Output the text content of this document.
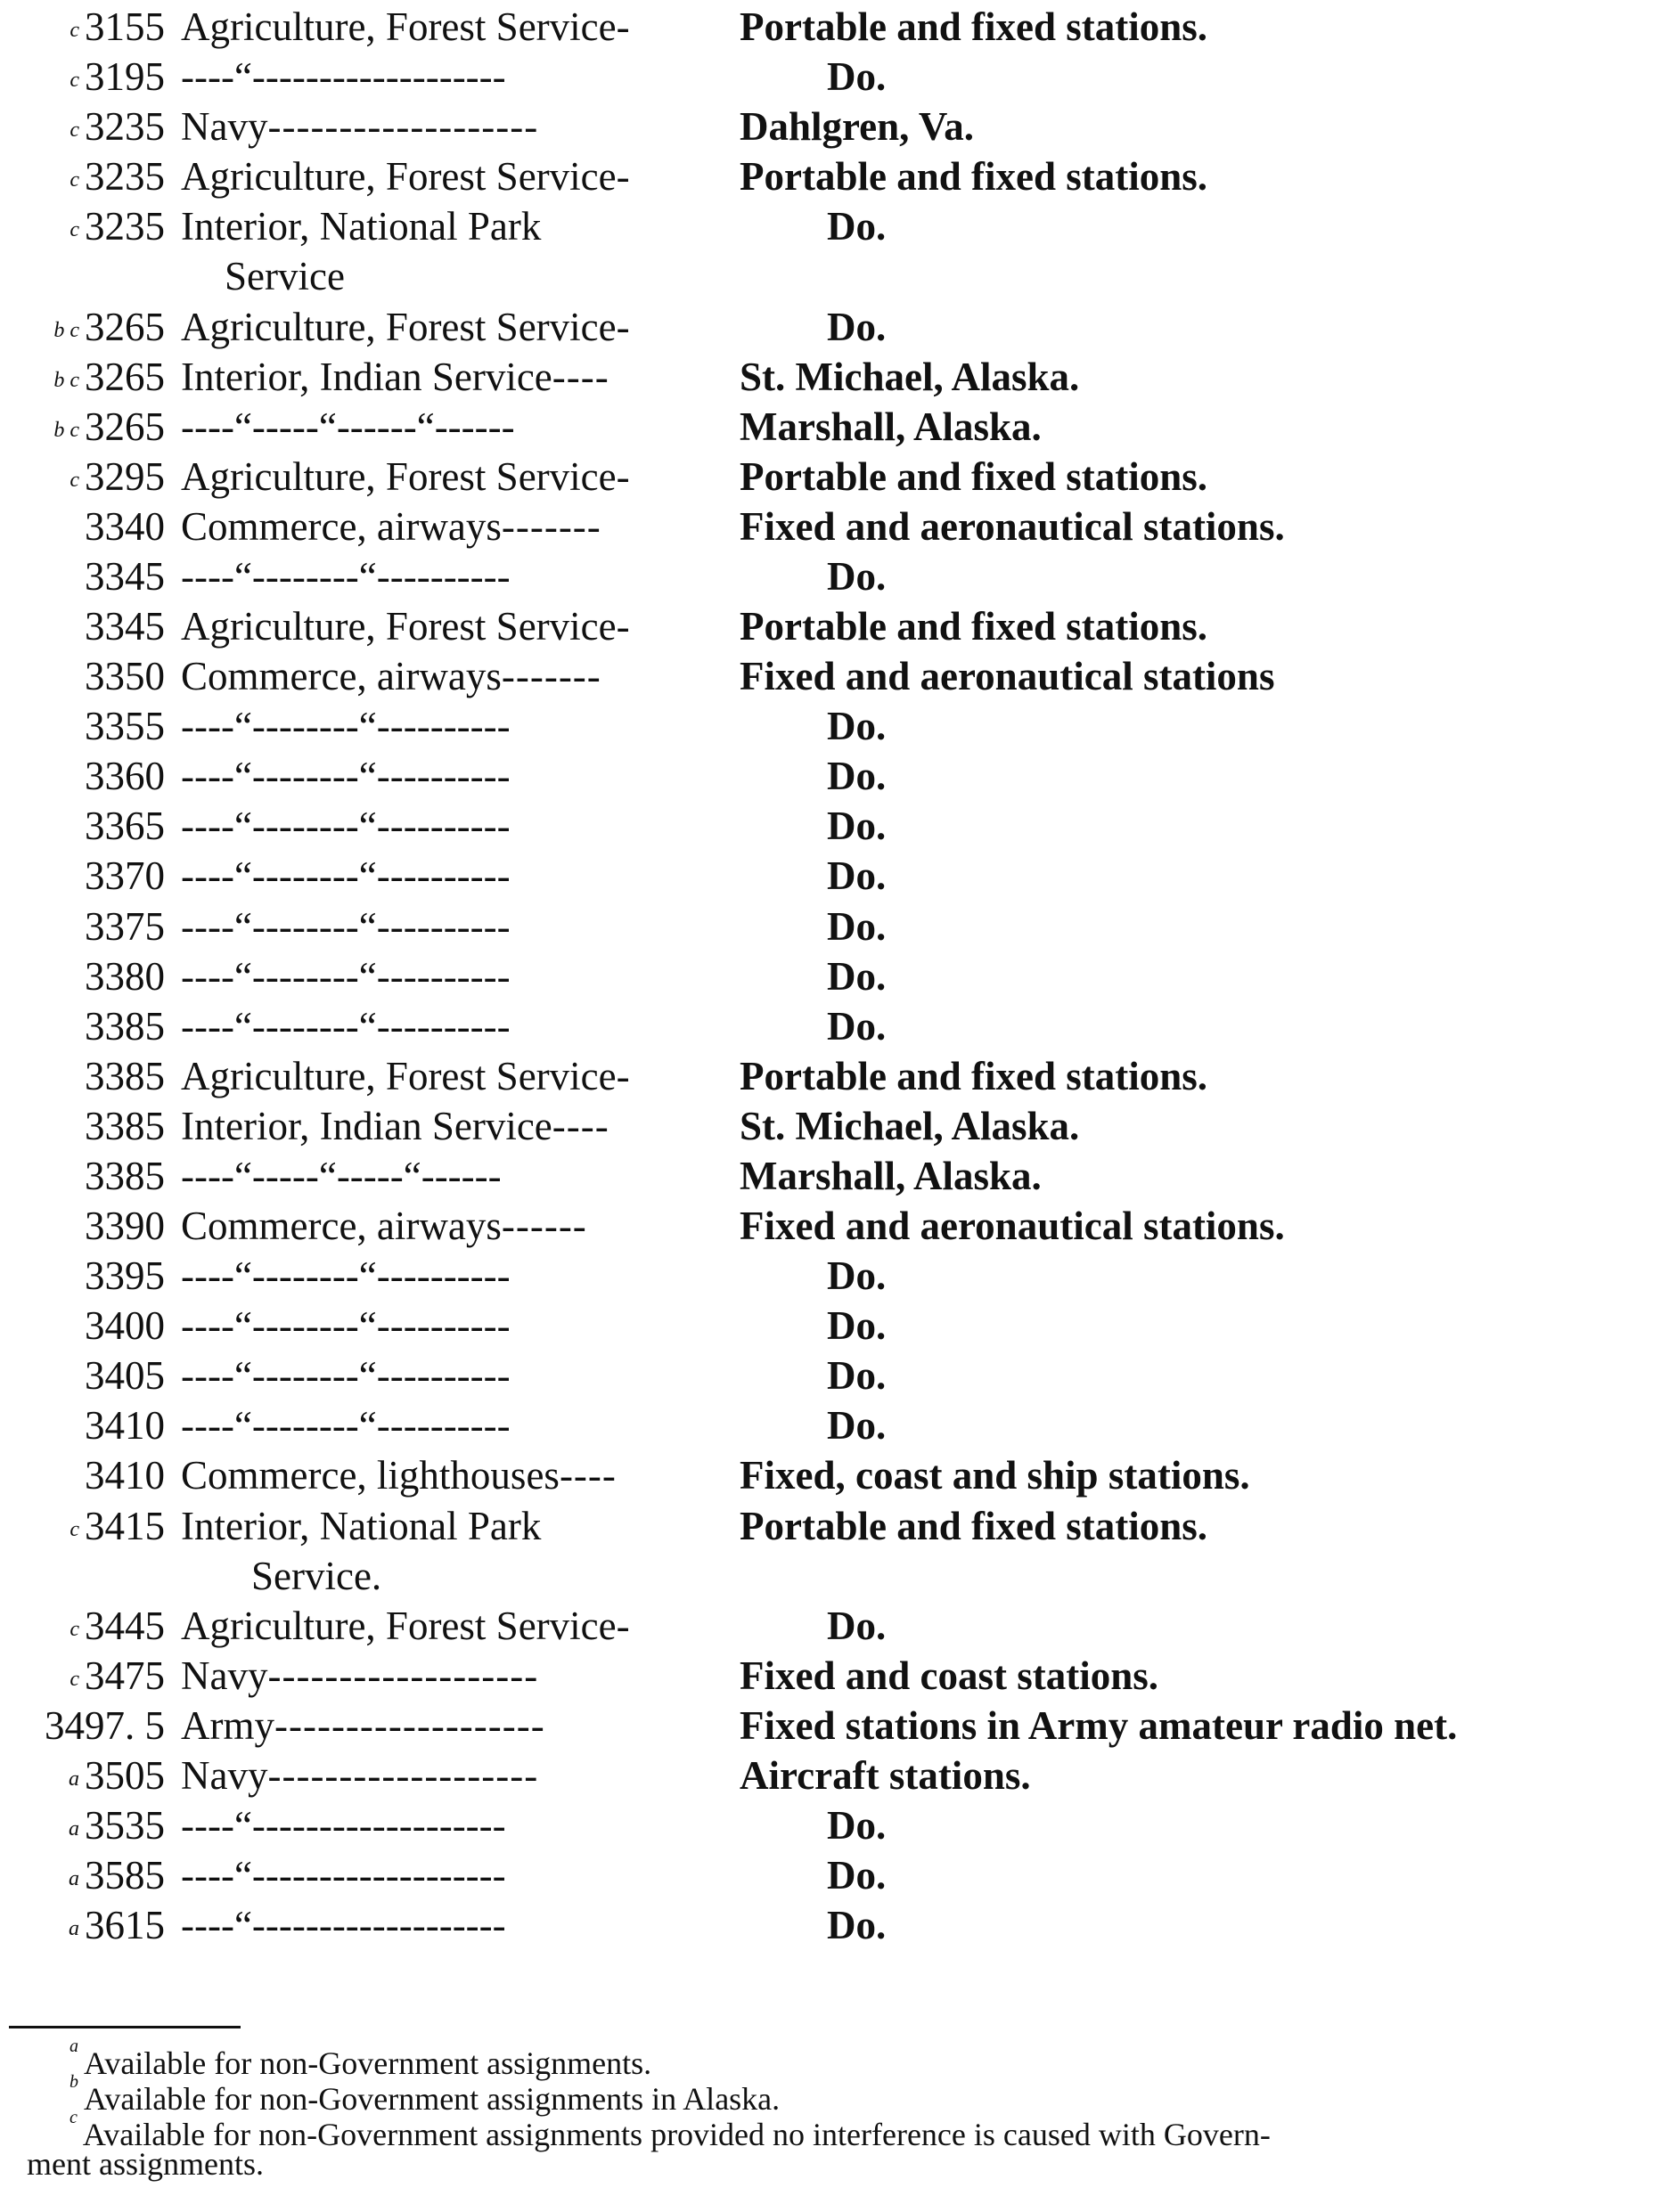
$^c$ 3155 Agriculture, Forest Service-	Portable and fixed stations.
$^c$ 3195 ----“-------------------	Do.
$^c$ 3235 Navy-------------------	Dahlgren, Va.
$^c$ 3235 Agriculture, Forest Service-	Portable and fixed stations.
$^c$ 3235 Interior, National Park	Do.
Service
$^{b c}$ 3265 Agriculture, Forest Service-	Do.
$^{b c}$ 3265 Interior, Indian Service----	St. Michael, Alaska.
$^{b c}$ 3265 ----“-----“------“------	Marshall, Alaska.
$^c$ 3295 Agriculture, Forest Service-	Portable and fixed stations.
3340 Commerce, airways-------	Fixed and aeronautical stations.
3345 ----“--------“----------	Do.
3345 Agriculture, Forest Service-	Portable and fixed stations.
3350 Commerce, airways-------	Fixed and aeronautical stations
3355 ----“--------“----------	Do.
3360 ----“--------“----------	Do.
3365 ----“--------“----------	Do.
3370 ----“--------“----------	Do.
3375 ----“--------“----------	Do.
3380 ----“--------“----------	Do.
3385 ----“--------“----------	Do.
3385 Agriculture, Forest Service-	Portable and fixed stations.
3385 Interior, Indian Service----	St. Michael, Alaska.
3385 ----“-----“-----“------	Marshall, Alaska.
3390 Commerce, airways------	Fixed and aeronautical stations.
3395 ----“--------“----------	Do.
3400 ----“--------“----------	Do.
3405 ----“--------“----------	Do.
3410 ----“--------“----------	Do.
3410 Commerce, lighthouses----	Fixed, coast and ship stations.
$^c$ 3415 Interior, National Park	Portable and fixed stations.
Service.
$^c$ 3445 Agriculture, Forest Service-	Do.
$^c$ 3475 Navy-------------------	Fixed and coast stations.
3497. 5 Army-------------------	Fixed stations in Army amateur radio net.
$^a$ 3505 Navy-------------------	Aircraft stations.
$^a$ 3535 ----“-------------------	Do.
$^a$ 3585 ----“-------------------	Do.
$^a$ 3615 ----“-------------------	Do.
$^a$ Available for non-Government assignments.
$^b$ Available for non-Government assignments in Alaska.
$^c$ Available for non-Government assignments provided no interference is caused with Govern-
ment assignments.
